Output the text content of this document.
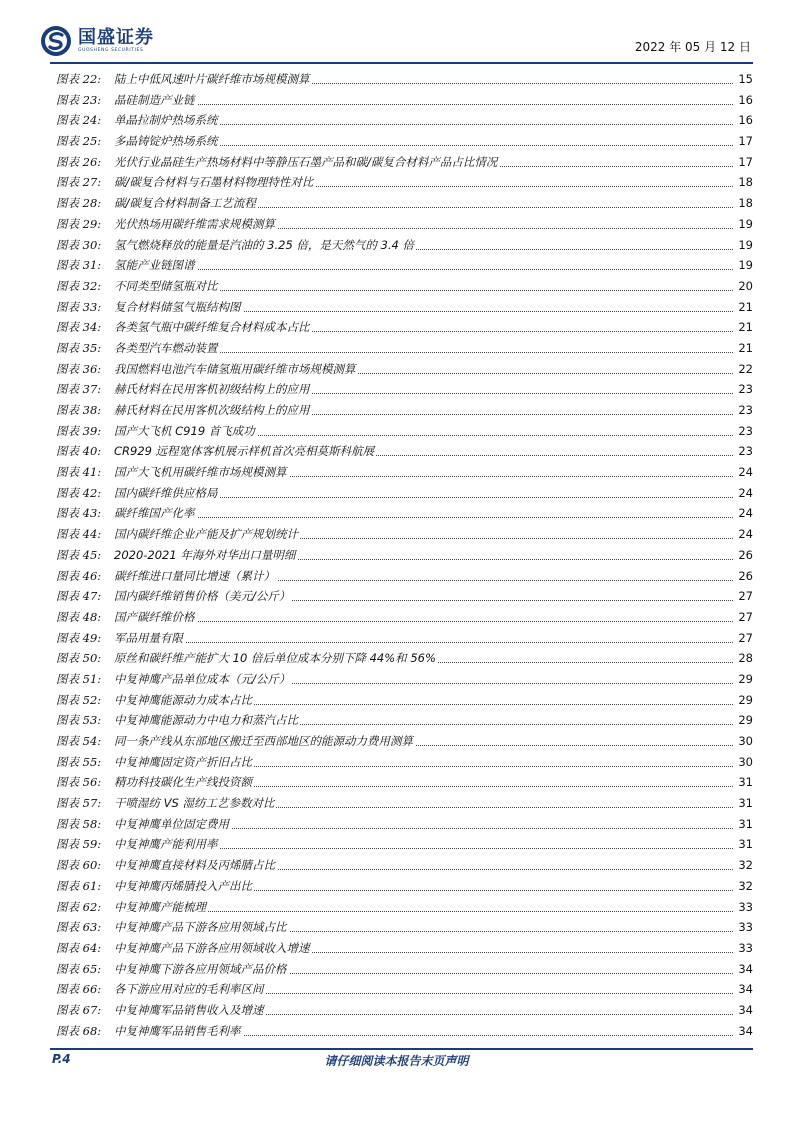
国盛证券
GUOSHENG SECURITIES	2022 年 05 月 12 日
图表 22:	陆上中低风速叶片碳纤维市场规模测算	15
图表 23:	晶硅制造产业链	16
图表 24:	单晶拉制炉热场系统	16
图表 25:	多晶铸锭炉热场系统	17
图表 26:	光伏行业晶硅生产热场材料中等静压石墨产品和碳/碳复合材料产品占比情况	17
图表 27:	碳/碳复合材料与石墨材料物理特性对比	18
图表 28:	碳/碳复合材料制备工艺流程	18
图表 29:	光伏热场用碳纤维需求规模测算	19
图表 30:	氢气燃烧释放的能量是汽油的 3.25 倍，是天然气的 3.4 倍	19
图表 31:	氢能产业链图谱	19
图表 32:	不同类型储氢瓶对比	20
图表 33:	复合材料储氢气瓶结构图	21
图表 34:	各类氢气瓶中碳纤维复合材料成本占比	21
图表 35:	各类型汽车燃动装置	21
图表 36:	我国燃料电池汽车储氢瓶用碳纤维市场规模测算	22
图表 37:	赫氏材料在民用客机初级结构上的应用	23
图表 38:	赫氏材料在民用客机次级结构上的应用	23
图表 39:	国产大飞机 C919 首飞成功	23
图表 40:	CR929 远程宽体客机展示样机首次亮相莫斯科航展	23
图表 41:	国产大飞机用碳纤维市场规模测算	24
图表 42:	国内碳纤维供应格局	24
图表 43:	碳纤维国产化率	24
图表 44:	国内碳纤维企业产能及扩产规划统计	24
图表 45:	2020-2021 年海外对华出口量明细	26
图表 46:	碳纤维进口量同比增速（累计）	26
图表 47:	国内碳纤维销售价格（美元/公斤）	27
图表 48:	国产碳纤维价格	27
图表 49:	军品用量有限	27
图表 50:	原丝和碳纤维产能扩大 10 倍后单位成本分别下降 44%和 56%	28
图表 51:	中复神鹰产品单位成本（元/公斤）	29
图表 52:	中复神鹰能源动力成本占比	29
图表 53:	中复神鹰能源动力中电力和蒸汽占比	29
图表 54:	同一条产线从东部地区搬迁至西部地区的能源动力费用测算	30
图表 55:	中复神鹰固定资产折旧占比	30
图表 56:	精功科技碳化生产线投资额	31
图表 57:	干喷湿纺 VS 湿纺工艺参数对比	31
图表 58:	中复神鹰单位固定费用	31
图表 59:	中复神鹰产能利用率	31
图表 60:	中复神鹰直接材料及丙烯腈占比	32
图表 61:	中复神鹰丙烯腈投入产出比	32
图表 62:	中复神鹰产能梳理	33
图表 63:	中复神鹰产品下游各应用领域占比	33
图表 64:	中复神鹰产品下游各应用领域收入增速	33
图表 65:	中复神鹰下游各应用领域产品价格	34
图表 66:	各下游应用对应的毛利率区间	34
图表 67:	中复神鹰军品销售收入及增速	34
图表 68:	中复神鹰军品销售毛利率	34
P.4	请仔细阅读本报告末页声明
